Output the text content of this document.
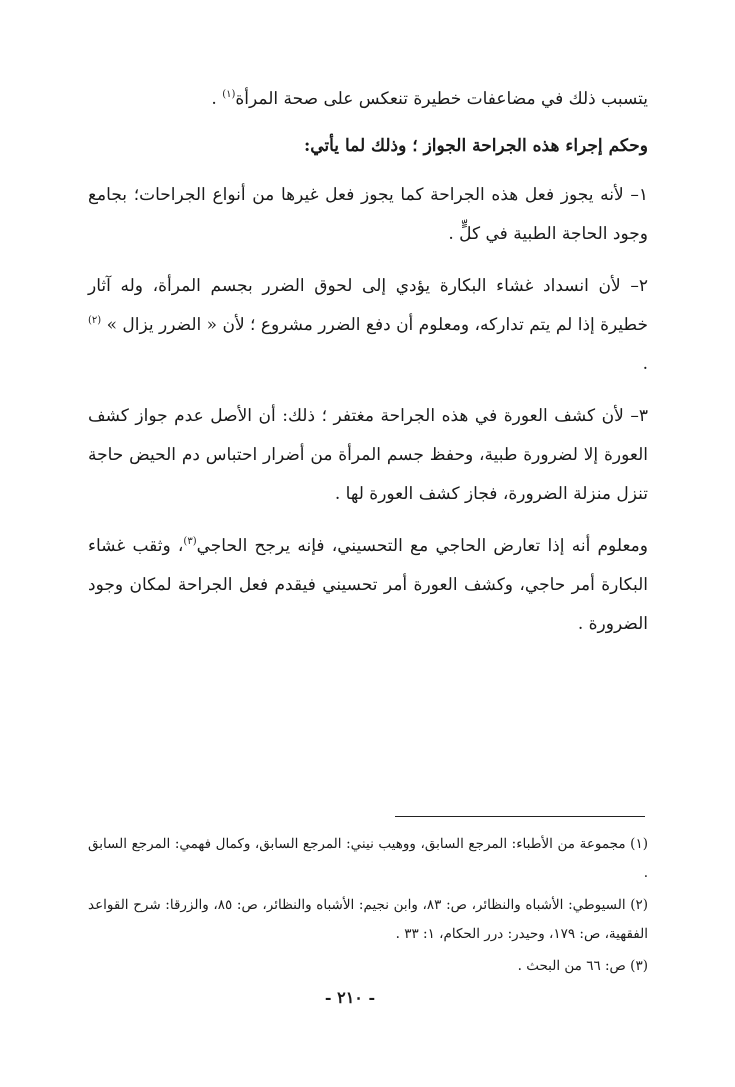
يتسبب ذلك في مضاعفات خطيرة تنعكس على صحة المرأة$^{(١)}$ .

وحكم إجراء هذه الجراحة الجواز ؛ وذلك لما يأتي:

١– لأنه يجوز فعل هذه الجراحة كما يجوز فعل غيرها من أنواع الجراحات؛ بجامع وجود الحاجة الطبية في كلٍّ .

٢– لأن انسداد غشاء البكارة يؤدي إلى لحوق الضرر بجسم المرأة، وله آثار خطيرة إذا لم يتم تداركه، ومعلوم أن دفع الضرر مشروع ؛ لأن « الضرر يزال » $^{(٢)}$ .

٣– لأن كشف العورة في هذه الجراحة مغتفر ؛ ذلك: أن الأصل عدم جواز كشف العورة إلا لضرورة طبية، وحفظ جسم المرأة من أضرار احتباس دم الحيض حاجة تنزل منزلة الضرورة، فجاز كشف العورة لها .

ومعلوم أنه إذا تعارض الحاجي مع التحسيني، فإنه يرجح الحاجي$^{(٣)}$، وثقب غشاء البكارة أمر حاجي، وكشف العورة أمر تحسيني فيقدم فعل الجراحة لمكان وجود الضرورة .

(١) مجموعة من الأطباء: المرجع السابق، ووهيب نيني: المرجع السابق، وكمال فهمي: المرجع السابق .

(٢) السيوطي: الأشباه والنظائر، ص: ٨٣، وابن نجيم: الأشباه والنظائر، ص: ٨٥، والزرقا: شرح القواعد الفقهية، ص: ١٧٩، وحيدر: درر الحكام، ١: ٣٣ .

(٣) ص: ٦٦ من البحث .

- ٢١٠ -
